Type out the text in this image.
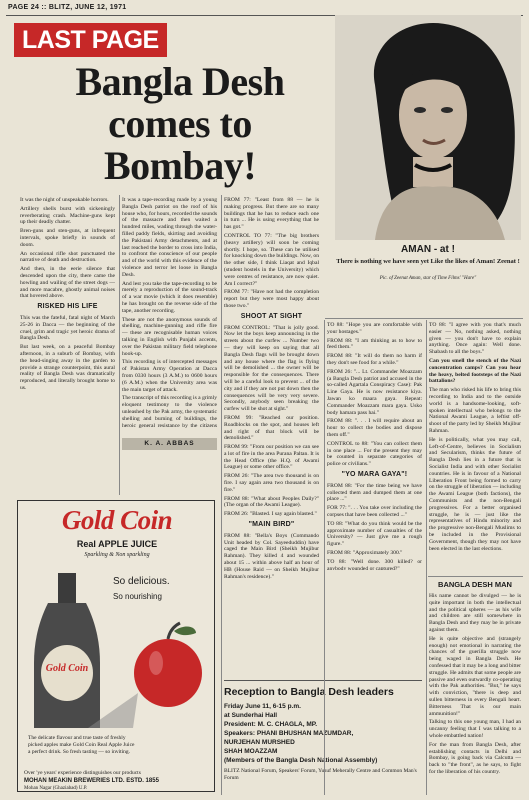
PAGE 24 :: BLITZ, JUNE 12, 1971
LAST PAGE
Bangla Desh
comes to
Bombay!
AMAN - at !
There is nothing we have seen yet Like the likes of Aman! Zeenat !
Pic. of Zeenat Aman, star of Time Films' "Hare"

It was the night of unspeakable horrors.

Artillery shells burst with sickeningly reverberating crash. Machine-guns kept up their deadly chatter.

Bren-guns and sten-guns, at infrequent intervals, spoke briefly in sounds of doom.

An occasional rifle shot punctuated the narrative of death and destruction.

And then, in the eerie silence that descended upon the city, there came the howling and wailing of the street dogs — and more macabre, ghostly animal noises that hovered above.

RISKED HIS LIFE

This was the fateful, fatal night of March 25-26 in Dacca — the beginning of the cruel, grim and tragic yet heroic drama of Bangla Desh.

But last week, on a peaceful Bombay afternoon, in a suburb of Bombay, with the head-singing away in the garden to provide a strange counterpoint, this aural reality of Bangla Desh was dramatically reproduced, and literally brought home to us.

It was a tape-recording made by a young Bangla Desh patriot on the roof of his house who, for hours, recorded the sounds of the massacre and then waited a hundred miles, wading through the water-filled paddy fields, skirting and avoiding the Pakistani Army detachments, and at last reached the border to cross into India, to confront the conscience of our people and of the world with this evidence of the violence and terror let loose in Bangla Desh.

And lest you take the tape-recording to be merely a reproduction of the sound-track of a war movie (which it does resemble) he has brought on the reverse side of the tape, another recording.

These are not the anonymous sounds of shelling, machine-gunning and rifle fire — these are recognisable human voices talking in English with Punjabi accents, over the Pakistan military field telephone hook-up.

This recording is of intercepted messages of Pakistan Army Operation at Dacca from 0330 hours (3 A.M.) to 0600 hours (6 A.M.) when the University area was the main target of attack.

The transcript of this recording is a grimly eloquent testimony to the violence unleashed by the Pak army, the systematic shelling and burning of buildings, the heroic general resistance by the citizens

K. A. ABBAS

FROM 77: "Least from 88 — he is making progress. But there are so many buildings that he has to reduce each one in turn ... He is using everything that he has got."

CONTROL TO 77: "The big brothers (heavy artillery) will soon be coming shortly. I hope, so. These can be utilised for knocking down the buildings. Now, on the other side, I think Liaqat and Iqbal (student hostels in the University) which were centres of resistance, are now quiet. Am I correct?"

FROM 77: "Have not had the completion report but they were most happy about those two."

SHOOT AT SIGHT

FROM CONTROL: "That is jolly good. Now let the boys keep announcing in the streets about the curfew ... Number two — they will keep on saying that all Bangla Desh flags will be brought down and any house where the flag is flying will be demolished ... the owner will be responsible for the consequences. There will be a careful look to prevent ... of the city and if they are not put down then the consequences will be very very severe. Secondly, anybody seen breaking the curfew will be shot at sight."

FROM 99: "Reached our position. Roadblocks on the spot, and houses left and right of that block will be demolished."

FROM 99: "From our position we can see a lot of fire in the area Purana Paltan. It is the Head Office (the H.Q. of Awami League) or some other office."

FROM 26: "The area two thousand is on fire. I say again area two thousand is on fire."

FROM 88: "What about Peoples Daily?" (The organ of the Awami League).

FROM 26: "Blasted. I say again blasted."

"MAIN BIRD"

FROM 88: "Bella's Boys (Commando Unit headed by Col. Sayeeduddin) have caged the Main Bird (Sheikh Mujibur Rahman). They killed 4 and wounded about 15 ... within above half an hour of HB (House Raid — on Sheikh Mujibur Rahman's residence)."

TO 88: "Hope you are comfortable with your hostages."

FROM 88: "I am thinking as to how to feed them."

FROM 88: "It will do them no harm if they don't see food for a while."

FROM 26: "... Lt. Commander Moazzam (a Bangla Desh patriot and accused in the so-called Agartala Conspiracy Case): Pak Line Gaya. He is now resistance kiya. Jawan ko maara gaya. Repeat: Commander Moazzam mara gaya. Usko body hamara pass hai."

FROM 88: ". . . I will require about an hour to collect the bodies and dispose them off."

CONTROL to 88: "You can collect them in one place ... For the present they may be counted in separate categories of police or civilians."

"YO MARA GAYA"!

FROM 88: "For the time being we have collected them and dumped them at one place ..."

FOR 77: ". . . You take over including the corpses that have been collected ..."

TO 88: "What do you think would be the approximate number of casualties of the University? — Just give me a rough figure."

FROM 88: "Approximately 300."

TO 88: "Well done. 300 killed? or anybody wounded or captured?"

TO 88: "I agree with you that's much easier — No, nothing asked, nothing given — you don't have to explain anything. Once again: Well done. Shabash to all the boys."

Can you smell the stench of the Nazi concentration camps? Can you hear the heavy, belted footsteps of the Nazi battalions?

The man who risked his life to bring this recording to India and to the outside world is a handsome-looking, soft-spoken intellectual who belongs to the National Awami League, a leftist off-shoot of the party led by Sheikh Mujibur Rahman.

He is politically, what you may call, Left-of-Centre, believes in Socialism and Secularism, thinks the future of Bangla Desh lies in a future that is Socialist India and with other Socialist countries. He is in favour of a National Liberation Front being formed to carry on the struggle of liberation — including the Awami League (both factions), the Communists and the non-Bengali progressives. For a better organised struggle, he is — just like the representatives of Hindu minority and the progressive non-Bengali Muslims to be included in the Provisional Government, though they may not have been elected in the last elections.

BANGLA DESH MAN

His name cannot be divulged — he is quite important in both the intellectual and the political spheres — as his wife and children are still somewhere in Bangla Desh and they may be in private against them.

He is quite objective and (strangely enough) not emotional in narrating the chances of the guerilla struggle now being waged in Bangla Desh. He confessed that it may be a long and bitter struggle. He admits that some people are passive and even outwardly co-operating with the Pak authorities. "But," he says with conviction, "there is deep and sullen bitterness in every Bengali heart. Bitterness That is our main ammunition!"

Talking to this one young man, I had an uncanny feeling that I was talking to a whole embattled nation!

For the man from Bangla Desh, after establishing contacts in Delhi and Bombay, is going back via Calcutta — back to "the front", as he says, to fight for the liberation of his country.

Reception to Bangla Desh leaders
Friday June 11, 6-15 p.m.
at Sunderhai Hall
President: M. C. CHAGLA, MP.
Speakers: PHANI BHUSHAN MAZUMDAR,
NURJEHAN MURSHED
SHAH MOAZZAM
(Members of the Bangla Desh National Assembly)
BLITZ National Forum, Speakers' Forum, Yusuf Meherally Centre and Common Man's Forum
Gold Coin
Real APPLE JUICE
Sparkling & Non sparkling
So delicious.
So nourishing
Gold Coin
The delicate flavour and true taste of freshly picked apples make Gold Coin Real Apple Juice a perfect drink. So fresh tasting — so inviting.
Over 'ye years' experience distinguishes our products
MOHAN MEAKIN BREWERIES LTD. ESTD. 1855
Mohan Nagar (Ghaziabad) U.P.
